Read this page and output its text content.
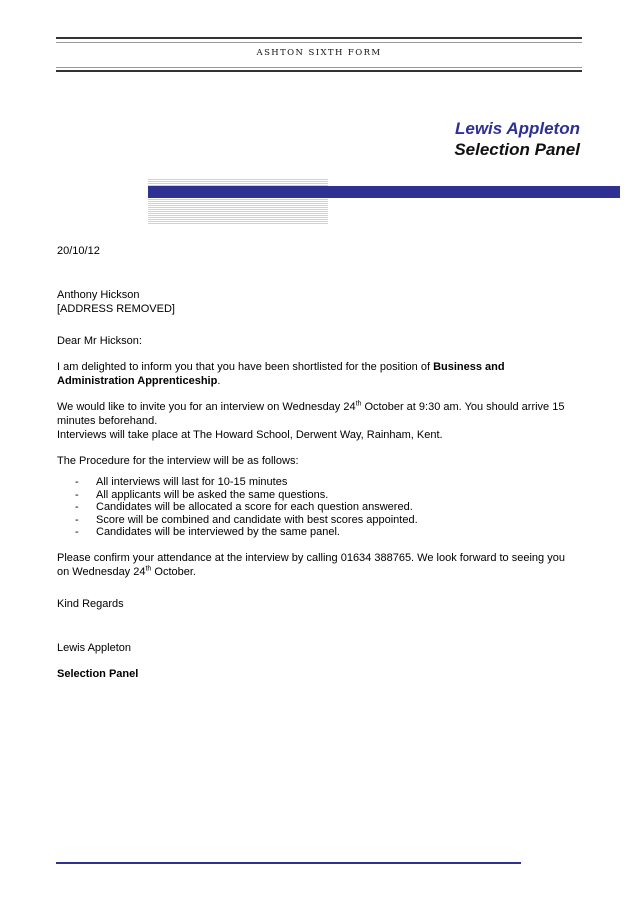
ASHTON SIXTH FORM
Lewis Appleton
Selection Panel

20/10/12

Anthony Hickson

[ADDRESS REMOVED]

Dear Mr Hickson:

I am delighted to inform you that you have been shortlisted for the position of Business and Administration Apprenticeship.

We would like to invite you for an interview on Wednesday 24th October at 9:30 am. You should arrive 15 minutes beforehand.

Interviews will take place at The Howard School, Derwent Way, Rainham, Kent.

The Procedure for the interview will be as follows:

- All interviews will last for 10-15 minutes
- All applicants will be asked the same questions.
- Candidates will be allocated a score for each question answered.
- Score will be combined and candidate with best scores appointed.
- Candidates will be interviewed by the same panel.

Please confirm your attendance at the interview by calling 01634 388765. We look forward to seeing you on Wednesday 24th October.

Kind Regards

Lewis Appleton

Selection Panel
